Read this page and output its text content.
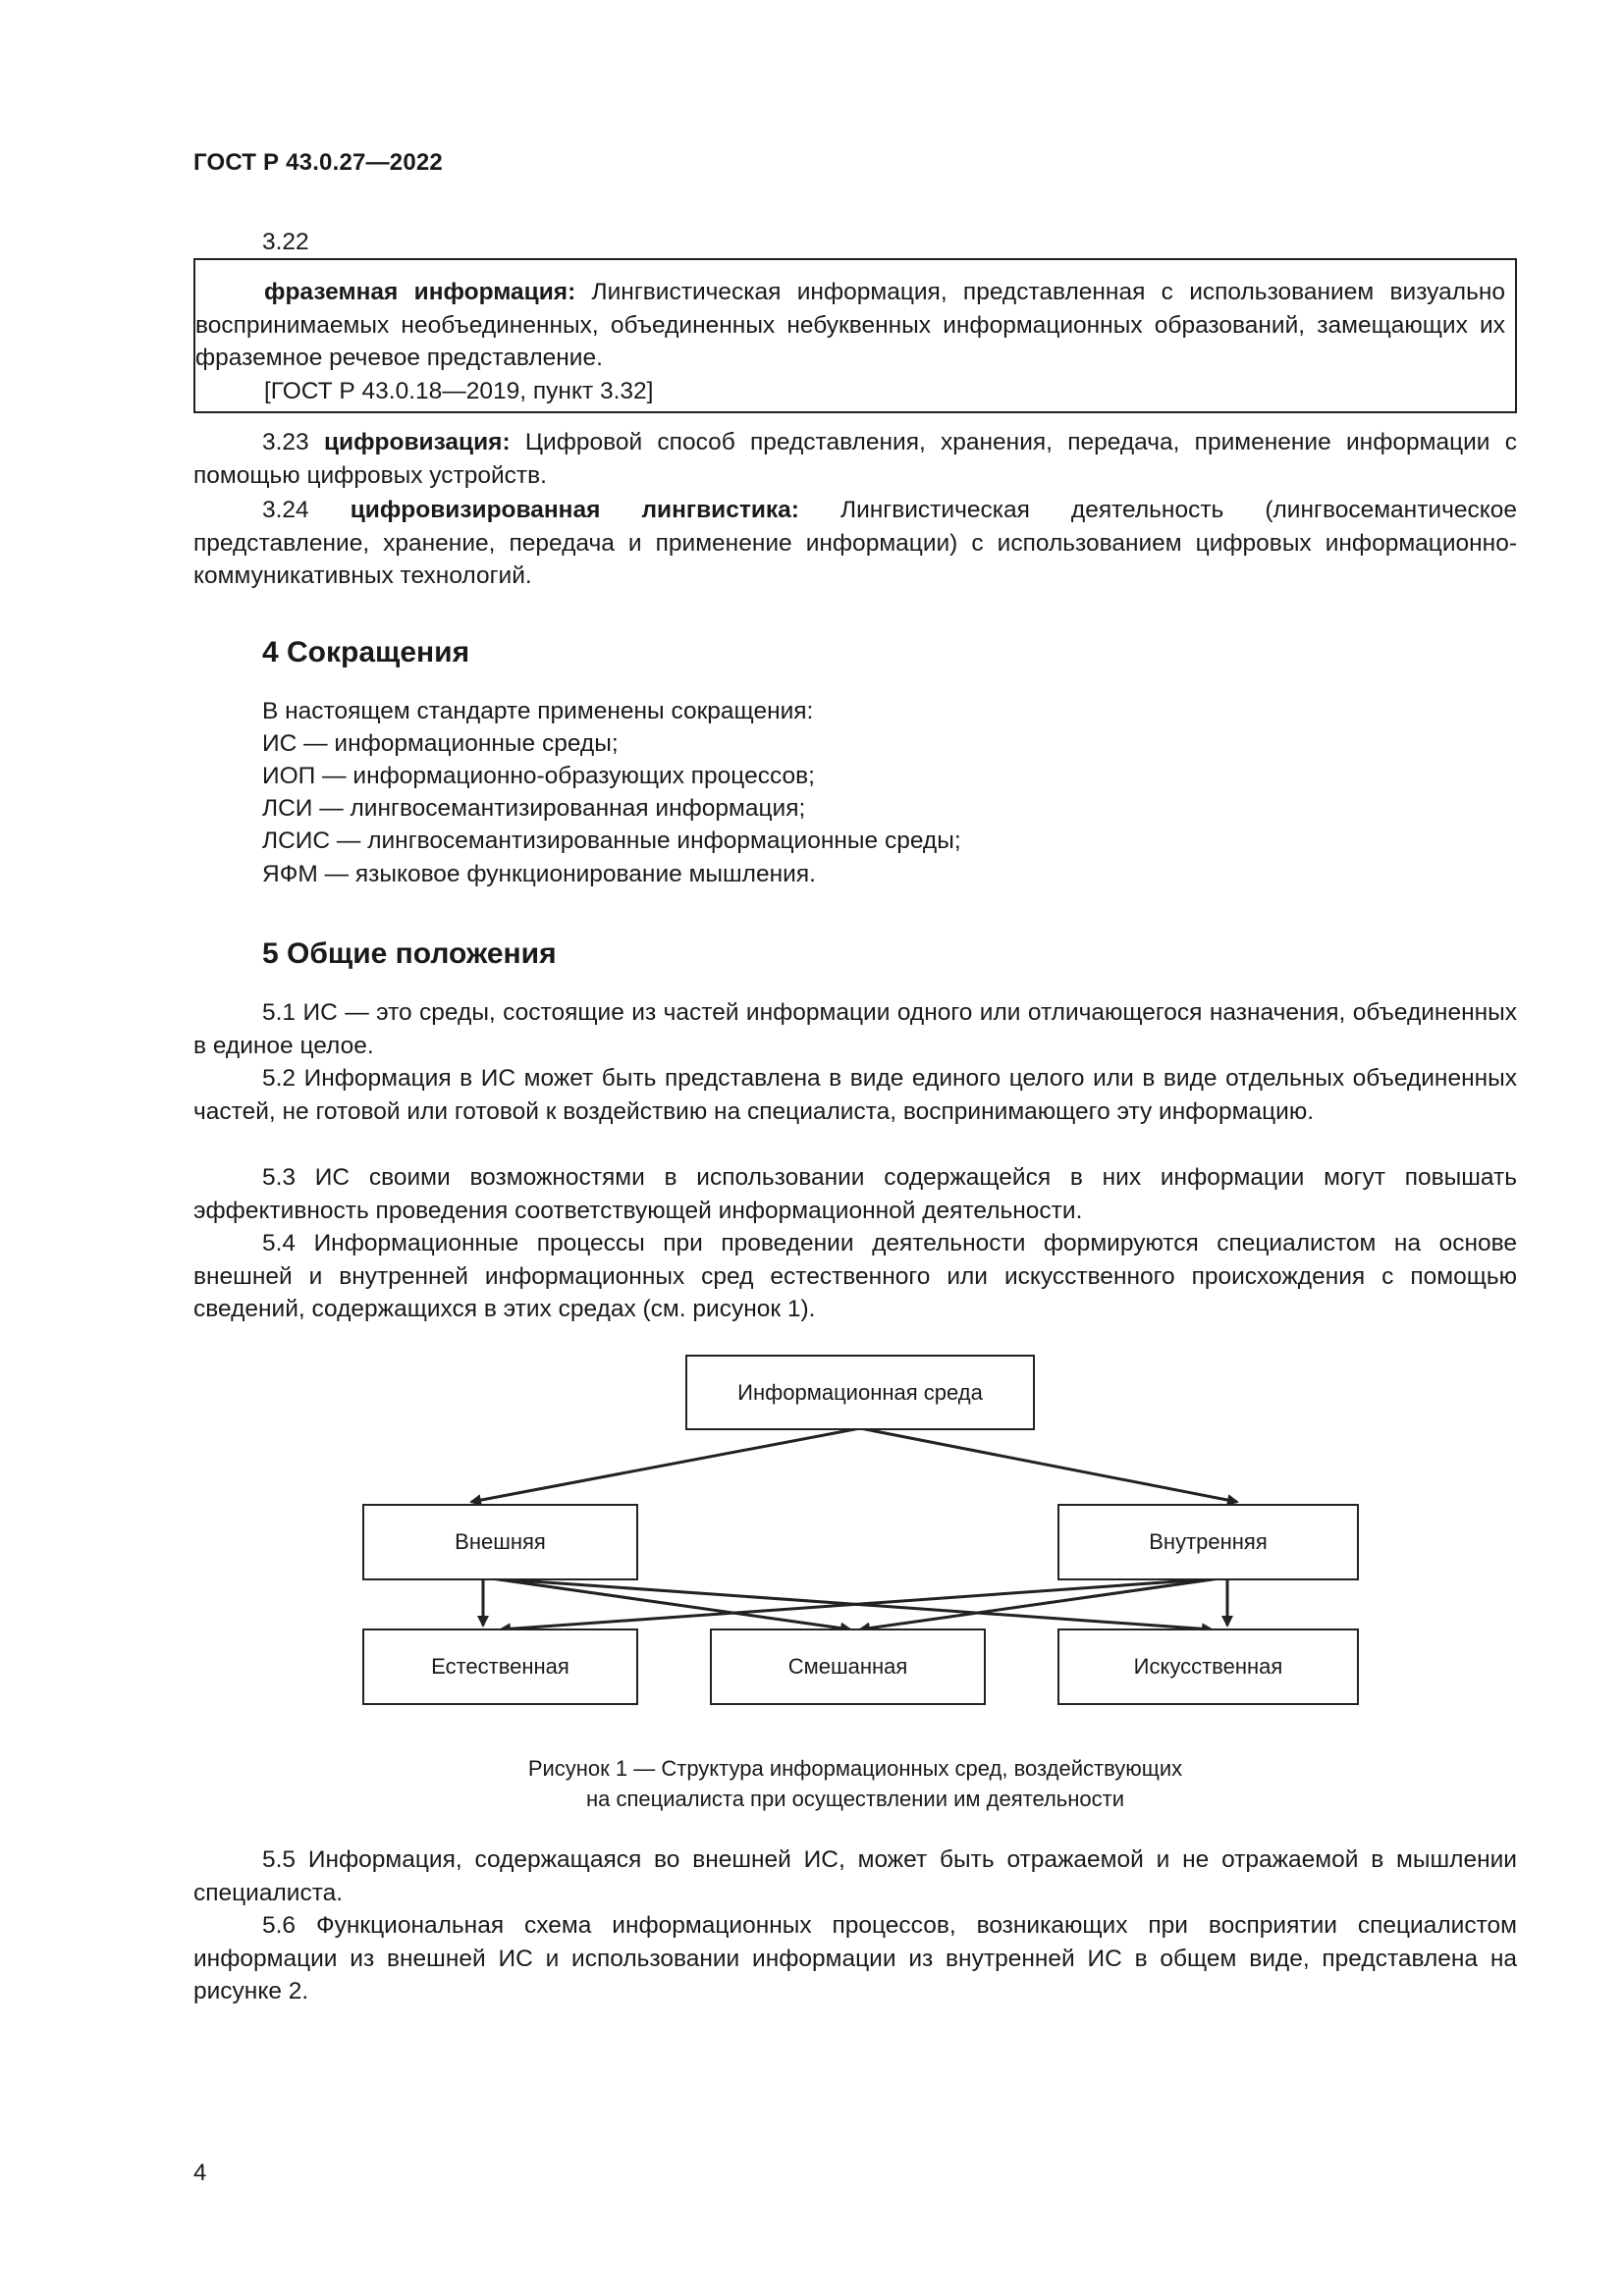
ГОСТ Р 43.0.27—2022
3.22
фраземная информация: Лингвистическая информация, представленная с использованием визуально воспринимаемых необъединенных, объединенных небуквенных информационных образований, замещающих их фраземное речевое представление.
[ГОСТ Р 43.0.18—2019, пункт 3.32]
3.23 цифровизация: Цифровой способ представления, хранения, передача, применение информации с помощью цифровых устройств.
3.24 цифровизированная лингвистика: Лингвистическая деятельность (лингвосемантическое представление, хранение, передача и применение информации) с использованием цифровых информационно-коммуникативных технологий.
4 Сокращения
В настоящем стандарте применены сокращения:
ИС — информационные среды;
ИОП — информационно-образующих процессов;
ЛСИ — лингвосемантизированная информация;
ЛСИС — лингвосемантизированные информационные среды;
ЯФМ — языковое функционирование мышления.
5 Общие положения
5.1 ИС — это среды, состоящие из частей информации одного или отличающегося назначения, объединенных в единое целое.
5.2 Информация в ИС может быть представлена в виде единого целого или в виде отдельных объединенных частей, не готовой или готовой к воздействию на специалиста, воспринимающего эту информацию.
5.3 ИС своими возможностями в использовании содержащейся в них информации могут повышать эффективность проведения соответствующей информационной деятельности.
5.4 Информационные процессы при проведении деятельности формируются специалистом на основе внешней и внутренней информационных сред естественного или искусственного происхождения с помощью сведений, содержащихся в этих средах (см. рисунок 1).
Информационная среда
Внешняя	Внутренняя
Естественная	Смешанная	Искусственная
Рисунок 1 — Структура информационных сред, воздействующих
на специалиста при осуществлении им деятельности
5.5 Информация, содержащаяся во внешней ИС, может быть отражаемой и не отражаемой в мышлении специалиста.
5.6 Функциональная схема информационных процессов, возникающих при восприятии специалистом информации из внешней ИС и использовании информации из внутренней ИС в общем виде, представлена на рисунке 2.
4
